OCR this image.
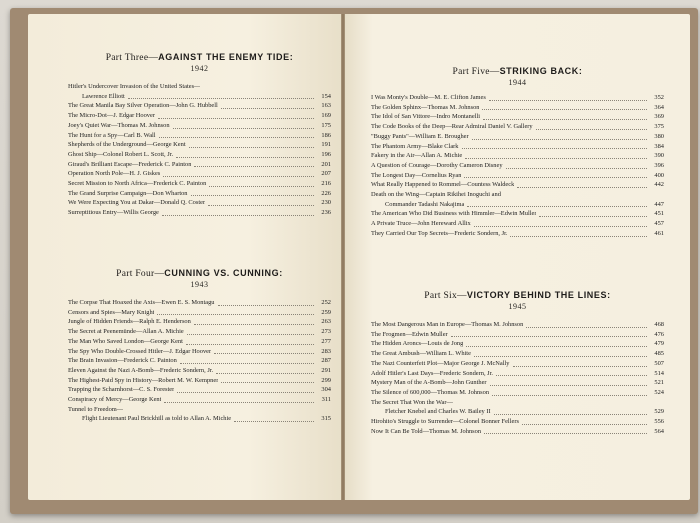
Part Three—AGAINST THE ENEMY TIDE:
1942
Hitler's Undercover Invasion of the United States—
Lawrence Elliott	154
The Great Manila Bay Silver Operation—John G. Hubbell	163
The Micro-Dot—J. Edgar Hoover	169
Joey's Quiet War—Thomas M. Johnson	175
The Hunt for a Spy—Carl B. Wall	186
Shepherds of the Underground—George Kent	191
Ghost Ship—Colonel Robert L. Scott, Jr.	196
Giraud's Brilliant Escape—Frederick C. Painton	201
Operation North Pole—H. J. Giskes	207
Secret Mission to North Africa—Frederick C. Painton	216
The Grand Surprise Campaign—Don Wharton	226
We Were Expecting You at Dakar—Donald Q. Coster	230
Surreptitious Entry—Willis George	236
Part Four—CUNNING VS. CUNNING:
1943
The Corpse That Hoaxed the Axis—Ewen E. S. Montagu	252
Censors and Spies—Mary Knight	259
Jungle of Hidden Friends—Ralph E. Henderson	263
The Secret at Peenemünde—Allan A. Michie	273
The Man Who Saved London—George Kent	277
The Spy Who Double-Crossed Hitler—J. Edgar Hoover	283
The Brain Invasion—Frederick C. Painton	287
Eleven Against the Nazi A-Bomb—Frederic Sondern, Jr.	291
The Highest-Paid Spy in History—Robert M. W. Kempner	299
Trapping the Scharnhorst—C. S. Forester	304
Conspiracy of Mercy—George Kent	311
Tunnel to Freedom—
Flight Lieutenant Paul Brickhill as told to Allan A. Michie	315
Part Five—STRIKING BACK:
1944
I Was Monty's Double—M. E. Clifton James	352
The Golden Sphinx—Thomas M. Johnson	364
The Idol of San Vittore—Indro Montanelli	369
The Code Books of the Deep—Rear Admiral Daniel V. Gallery	375
"Buggy Pants"—William E. Brougher	380
The Phantom Army—Blake Clark	384
Fakery in the Air—Allan A. Michie	390
A Question of Courage—Dorothy Cameron Disney	396
The Longest Day—Cornelius Ryan	400
What Really Happened to Rommel—Countess Waldeck	442
Death on the Wing—Captain Rikihei Inoguchi and
Commander Tadashi Nakajima	447
The American Who Did Business with Himmler—Edwin Muller	451
A Private Truce—John Hereward Allix	457
They Carried Our Top Secrets—Frederic Sondern, Jr.	461
Part Six—VICTORY BEHIND THE LINES:
1945
The Most Dangerous Man in Europe—Thomas M. Johnson	468
The Frogmen—Edwin Muller	476
The Hidden Aroncs—Louis de Jong	479
The Great Ambush—William L. White	485
The Nazi Counterfeit Plot—Major George J. McNally	507
Adolf Hitler's Last Days—Frederic Sondern, Jr.	514
Mystery Man of the A-Bomb—John Gunther	521
The Silence of 600,000—Thomas M. Johnson	524
The Secret That Won the War—
Fletcher Knebel and Charles W. Bailey II	529
Hirohito's Struggle to Surrender—Colonel Bonner Fellers	556
Now It Can Be Told—Thomas M. Johnson	564
